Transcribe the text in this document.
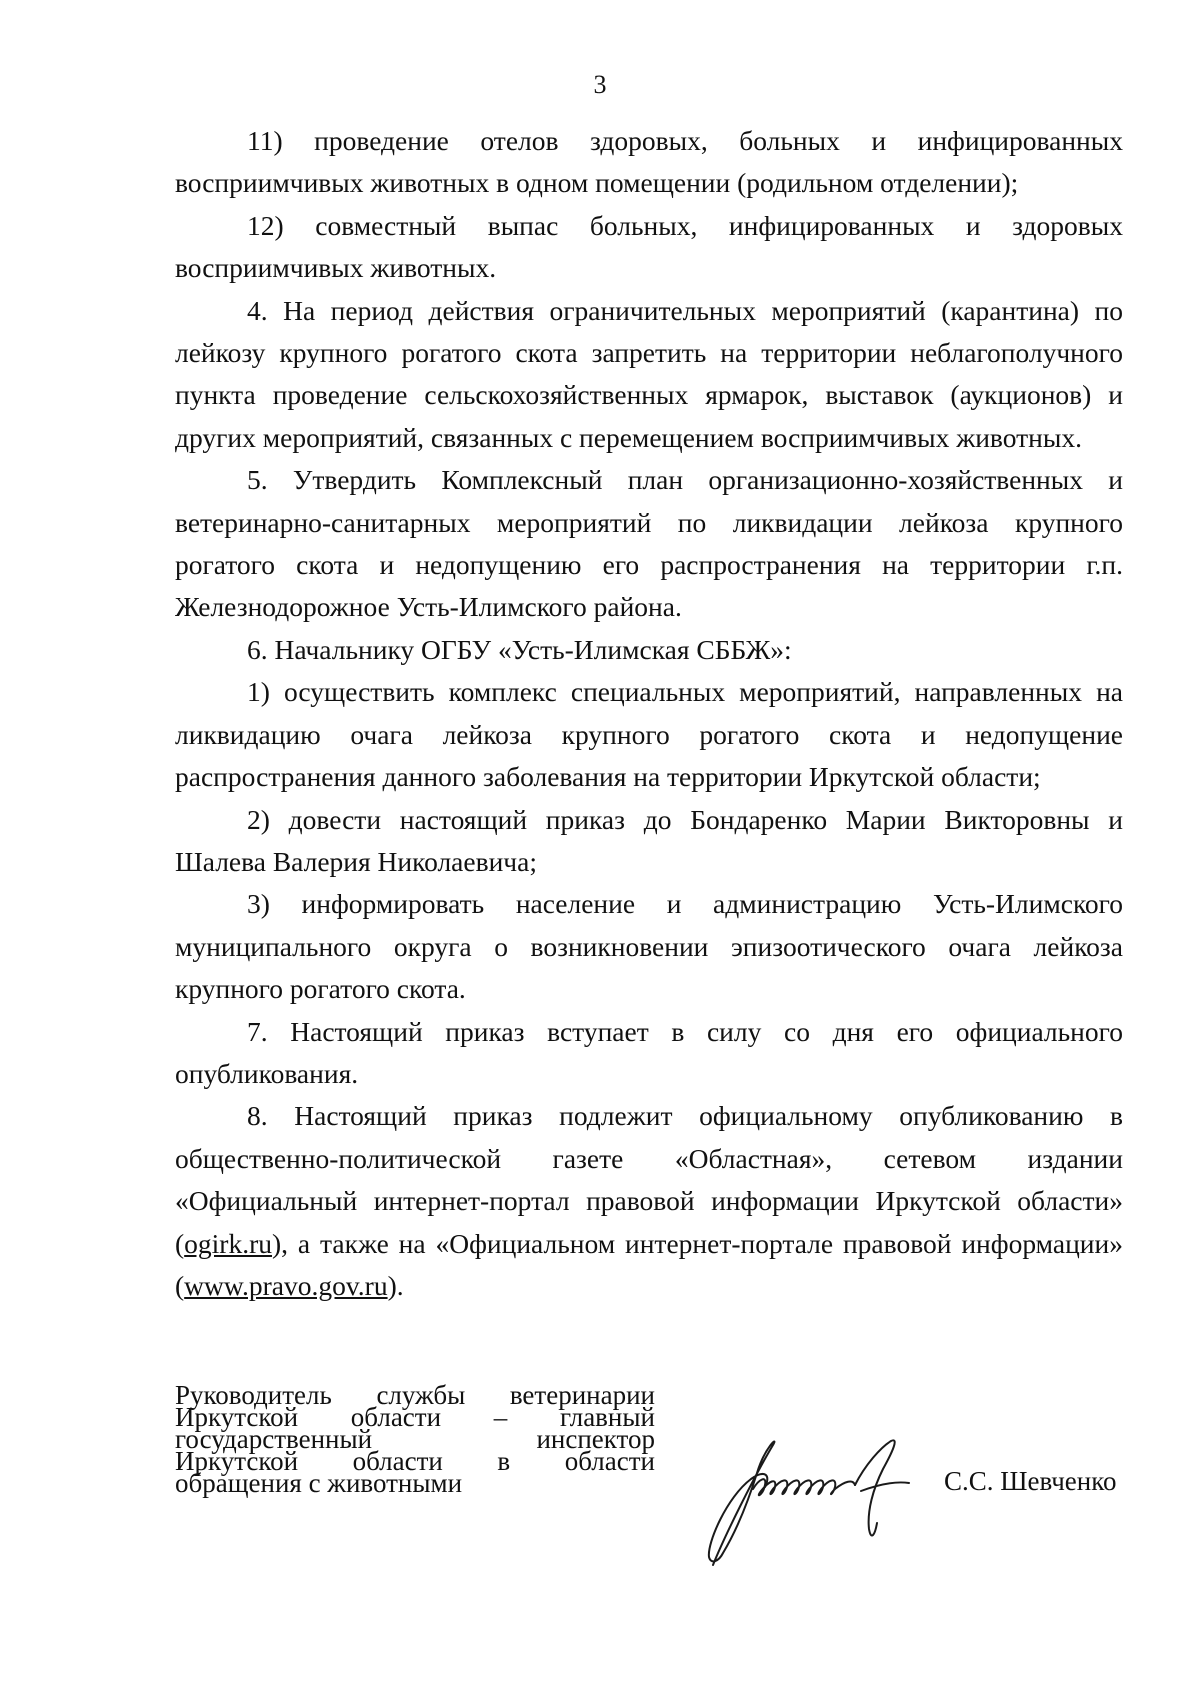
3

11) проведение отелов здоровых, больных и инфицированных восприимчивых животных в одном помещении (родильном отделении);

12) совместный выпас больных, инфицированных и здоровых восприимчивых животных.

4. На период действия ограничительных мероприятий (карантина) по лейкозу крупного рогатого скота запретить на территории неблагополучного пункта проведение сельскохозяйственных ярмарок, выставок (аукционов) и других мероприятий, связанных с перемещением восприимчивых животных.

5. Утвердить Комплексный план организационно-хозяйственных и ветеринарно-санитарных мероприятий по ликвидации лейкоза крупного рогатого скота и недопущению его распространения на территории г.п. Железнодорожное Усть-Илимского района.

6. Начальнику ОГБУ «Усть-Илимская СББЖ»:

1) осуществить комплекс специальных мероприятий, направленных на ликвидацию очага лейкоза крупного рогатого скота и недопущение распространения данного заболевания на территории Иркутской области;

2) довести настоящий приказ до Бондаренко Марии Викторовны и Шалева Валерия Николаевича;

3) информировать население и администрацию Усть-Илимского муниципального округа о возникновении эпизоотического очага лейкоза крупного рогатого скота.

7. Настоящий приказ вступает в силу со дня его официального опубликования.

8. Настоящий приказ подлежит официальному опубликованию в общественно-политической газете «Областная», сетевом издании «Официальный интернет-портал правовой информации Иркутской области» (ogirk.ru), а также на «Официальном интернет-портале правовой информации» (www.pravo.gov.ru).

Руководитель службы ветеринарии
Иркутской области – главный
государственный	инспектор
Иркутской области в области
обращения с животными	С.С. Шевченко
